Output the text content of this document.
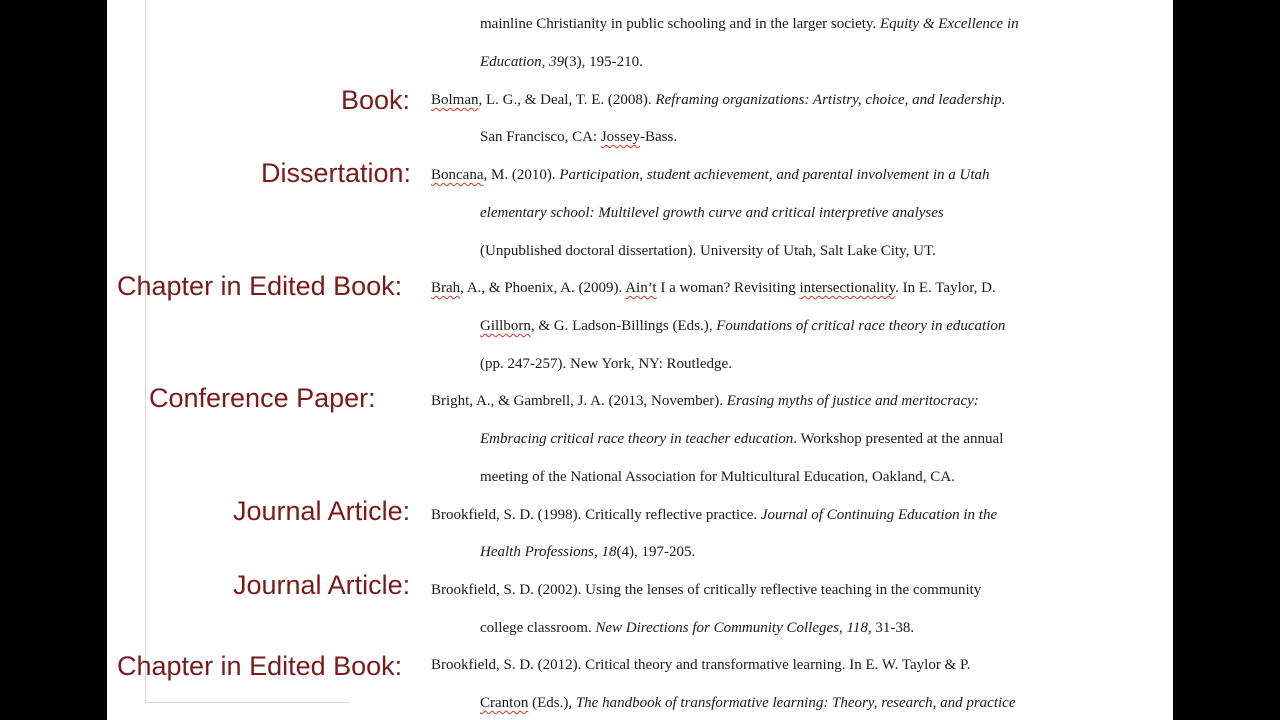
mainline Christianity in public schooling and in the larger society. Equity & Excellence in
Education, 39(3), 195-210.
Book: Bolman, L. G., & Deal, T. E. (2008). Reframing organizations: Artistry, choice, and leadership.
San Francisco, CA: Jossey-Bass.
Dissertation: Boncana, M. (2010). Participation, student achievement, and parental involvement in a Utah
elementary school: Multilevel growth curve and critical interpretive analyses
(Unpublished doctoral dissertation). University of Utah, Salt Lake City, UT.
Chapter in Edited Book: Brah, A., & Phoenix, A. (2009). Ain’t I a woman? Revisiting intersectionality. In E. Taylor, D.
Gillborn, & G. Ladson-Billings (Eds.), Foundations of critical race theory in education
(pp. 247-257). New York, NY: Routledge.
Conference Paper:	Bright, A., & Gambrell, J. A. (2013, November). Erasing myths of justice and meritocracy:
Embracing critical race theory in teacher education. Workshop presented at the annual
meeting of the National Association for Multicultural Education, Oakland, CA.
Journal Article: Brookfield, S. D. (1998). Critically reflective practice. Journal of Continuing Education in the
Health Professions, 18(4), 197-205.
Journal Article: Brookfield, S. D. (2002). Using the lenses of critically reflective teaching in the community
college classroom. New Directions for Community Colleges, 118, 31-38.
Chapter in Edited Book: Brookfield, S. D. (2012). Critical theory and transformative learning. In E. W. Taylor & P.
Cranton (Eds.), The handbook of transformative learning: Theory, research, and practice
